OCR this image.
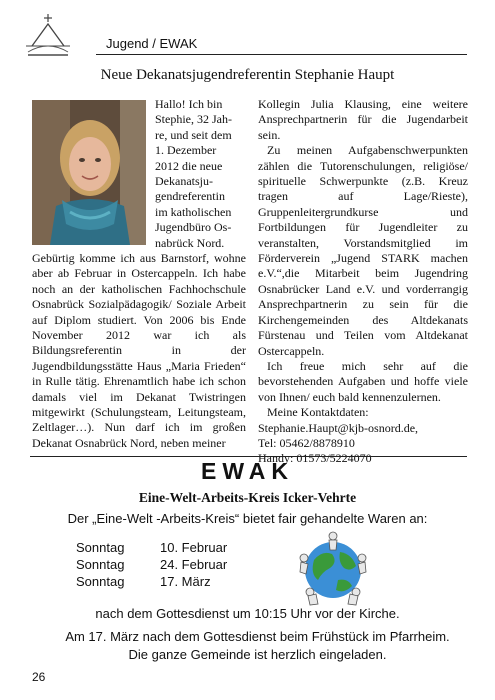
Jugend / EWAK
Neue Dekanatsjugendreferentin Stephanie Haupt

Hallo! Ich bin

Stephie, 32 Jah-

re, und seit dem

1. Dezember

2012 die neue

Dekanatsju-

gendreferentin

im katholischen

Jugendbüro Os-

nabrück Nord.

Gebürtig komme ich aus Barnstorf, wohne aber ab Februar in Ostercappeln. Ich habe noch an der katholischen Fachhochschule Osnabrück Sozialpädagogik/ Soziale Arbeit auf Diplom studiert. Von 2006 bis Ende November 2012 war ich als Bildungsreferentin in der Jugendbildungsstätte Haus „Maria Frieden“ in Rulle tätig. Ehrenamtlich habe ich schon damals viel im Dekanat Twistringen mitgewirkt (Schulungsteam, Leitungsteam, Zeltlager…). Nun darf ich im großen Dekanat Osnabrück Nord, neben meiner

Kollegin Julia Klausing, eine weitere Ansprechpartnerin für die Jugendarbeit sein.

Zu meinen Aufgabenschwerpunkten zählen die Tutorenschulungen, religiöse/ spirituelle Schwerpunkte (z.B. Kreuz tragen auf Lage/Rieste), Gruppenleitergrundkurse und Fortbildungen für Jugendleiter zu veranstalten, Vorstandsmitglied im Förderverein „Jugend STARK machen e.V.“,die Mitarbeit beim Jugendring Osnabrücker Land e.V. und vorderrangig Ansprechpartnerin zu sein für die Kirchengemeinden des Altdekanats Fürstenau und Teilen vom Altdekanat Ostercappeln.

Ich freue mich sehr auf die bevorstehenden Aufgaben und hoffe viele von Ihnen/ euch bald kennenzulernen.

Meine Kontaktdaten:

Stephanie.Haupt@kjb-osnord.de,

Tel: 05462/8878910

Handy: 01573/5224070

EWAK
Eine-Welt-Arbeits-Kreis Icker-Vehrte
Der „Eine-Welt -Arbeits-Kreis“ bietet fair gehandelte Waren an:
Sonntag	10. Februar
Sonntag	24. Februar
Sonntag	17. März
nach dem Gottesdienst um 10:15 Uhr vor der Kirche.
Am 17. März nach dem Gottesdienst beim Frühstück im Pfarrheim. Die ganze Gemeinde ist herzlich eingeladen.
26
